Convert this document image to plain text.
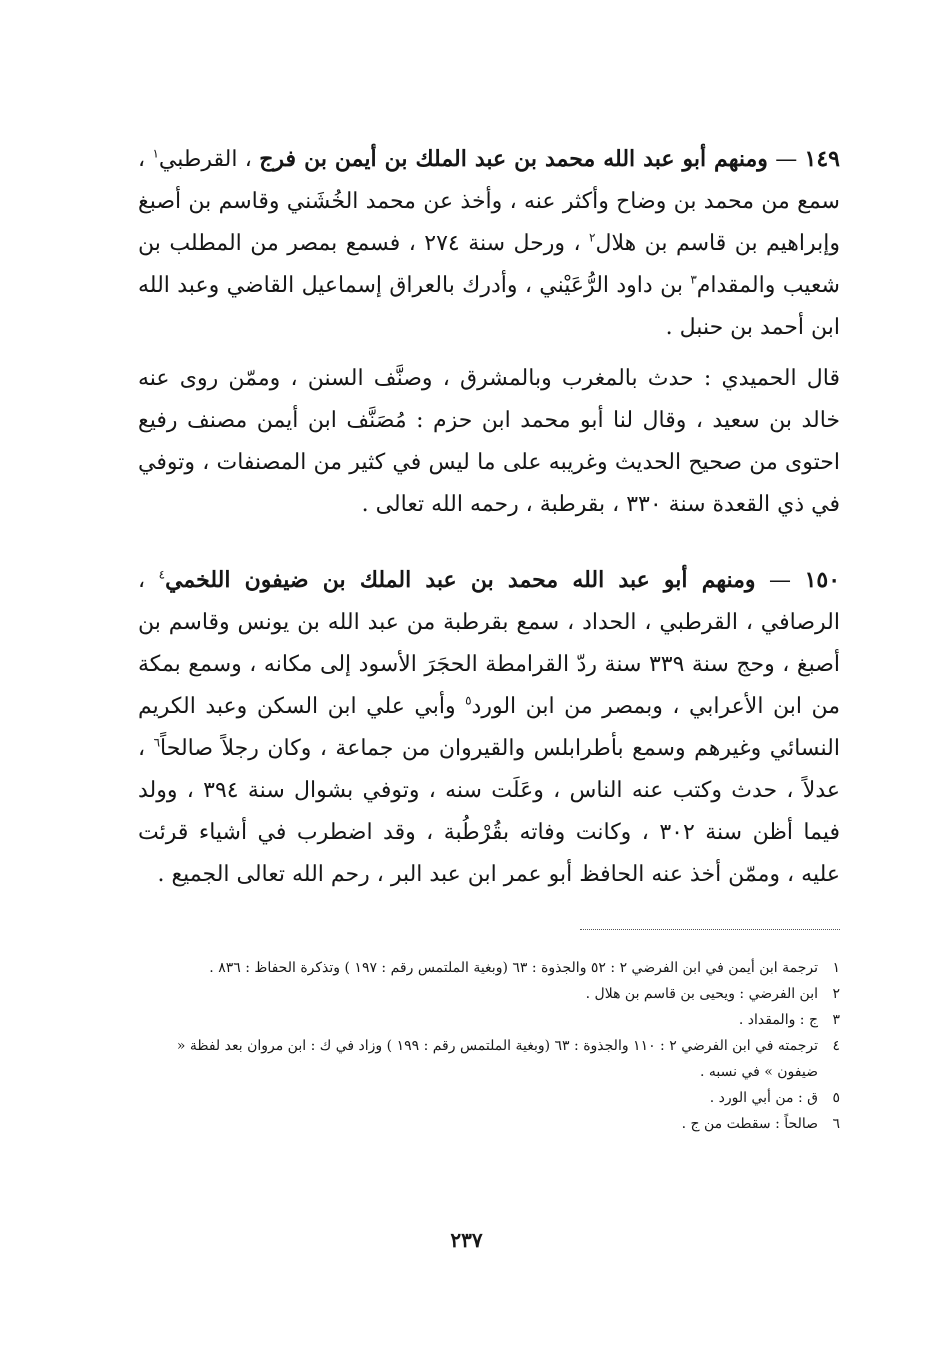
١٤٩ — ومنهم أبو عبد الله محمد بن عبد الملك بن أيمن بن فرج ، القرطبي$^١$ ، سمع من محمد بن وضاح وأكثر عنه ، وأخذ عن محمد الخُشَني وقاسم بن أصبغ وإبراهيم بن قاسم بن هلال$^٢$ ، ورحل سنة ٢٧٤ ، فسمع بمصر من المطلب بن شعيب والمقدام$^٣$ بن داود الرُّعَيْني ، وأدرك بالعراق إسماعيل القاضي وعبد الله ابن أحمد بن حنبل .

قال الحميدي : حدث بالمغرب وبالمشرق ، وصنَّف السنن ، وممّن روى عنه خالد بن سعيد ، وقال لنا أبو محمد ابن حزم : مُصَنَّف ابن أيمن مصنف رفيع احتوى من صحيح الحديث وغريبه على ما ليس في كثير من المصنفات ، وتوفي في ذي القعدة سنة ٣٣٠ ، بقرطبة ، رحمه الله تعالى .

١٥٠ — ومنهم أبو عبد الله محمد بن عبد الملك بن ضيفون اللخمي$^٤$ ، الرصافي ، القرطبي ، الحداد ، سمع بقرطبة من عبد الله بن يونس وقاسم بن أصبغ ، وحج سنة ٣٣٩ سنة ردّ القرامطة الحجَرَ الأسود إلى مكانه ، وسمع بمكة من ابن الأعرابي ، وبمصر من ابن الورد$^٥$ وأبي علي ابن السكن وعبد الكريم النسائي وغيرهم وسمع بأطرابلس والقيروان من جماعة ، وكان رجلاً صالحاً$^٦$ ، عدلاً ، حدث وكتب عنه الناس ، وعَلَت سنه ، وتوفي بشوال سنة ٣٩٤ ، وولد فيما أظن سنة ٣٠٢ ، وكانت وفاته بقُرْطُبة ، وقد اضطرب في أشياء قرئت عليه ، وممّن أخذ عنه الحافظ أبو عمر ابن عبد البر ، رحم الله تعالى الجميع .

١
ترجمة ابن أيمن في ابن الفرضي ٢ : ٥٢ والجذوة : ٦٣ (وبغية الملتمس رقم : ١٩٧ ) وتذكرة الحفاظ : ٨٣٦ .
٢
ابن الفرضي : ويحيى بن قاسم بن هلال .
٣
ج : والمقداد .
٤
ترجمته في ابن الفرضي ٢ : ١١٠ والجذوة : ٦٣ (وبغية الملتمس رقم : ١٩٩ ) وزاد في ك : ابن مروان بعد لفظة « ضيفون » في نسبه .
٥
ق : من أبي الورد .
٦
صالحاً : سقطت من ج .
٢٣٧
